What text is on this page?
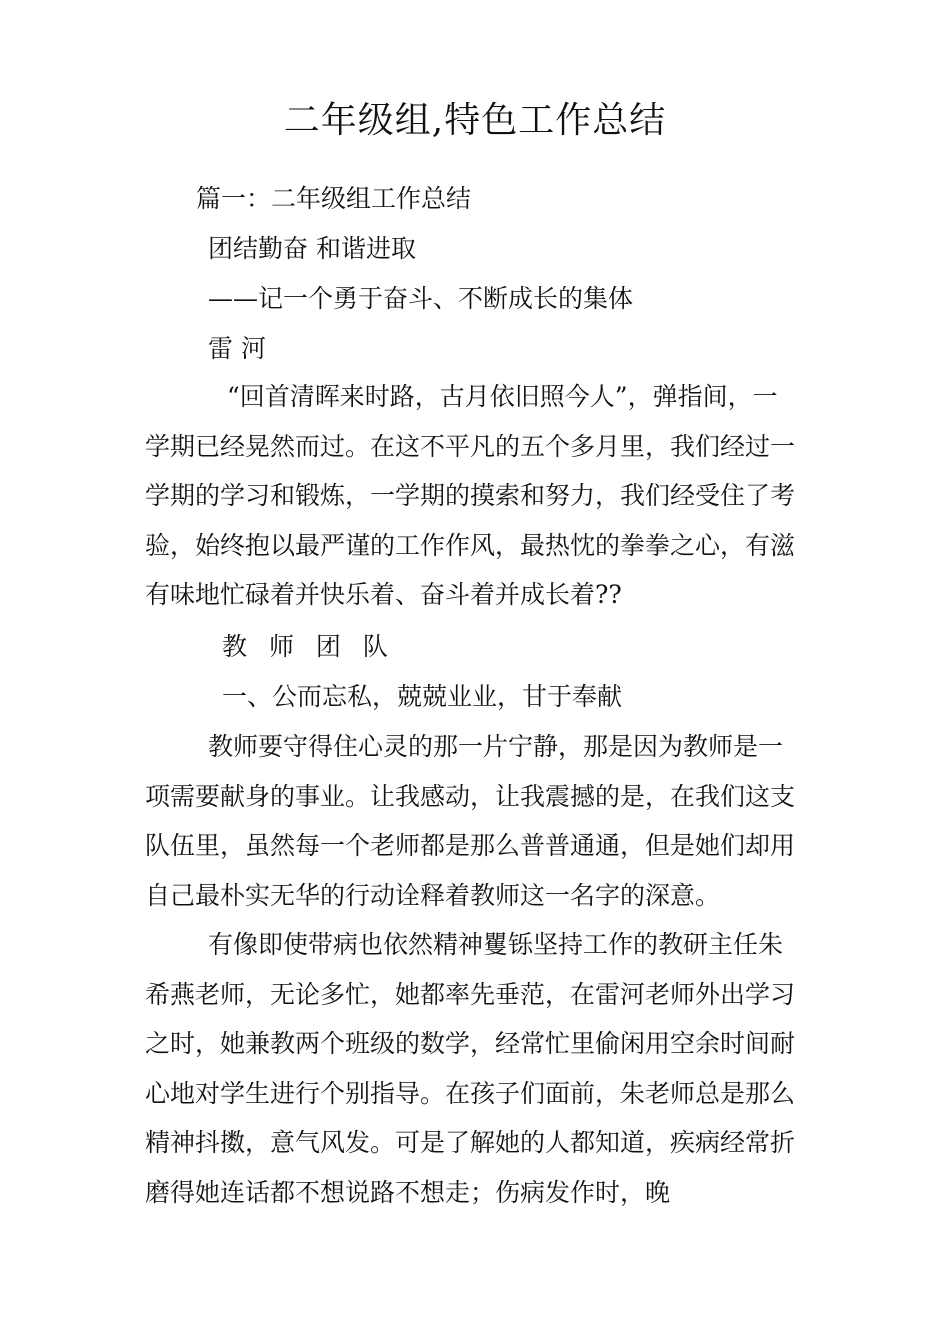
二年级组,特色工作总结
篇一：二年级组工作总结
团结勤奋 和谐进取
——记一个勇于奋斗、不断成长的集体
雷 河

“回首清晖来时路，古月依旧照今人”，弹指间，一

学期已经晃然而过。在这不平凡的五个多月里，我们经过一

学期的学习和锻炼，一学期的摸索和努力，我们经受住了考

验，始终抱以最严谨的工作作风，最热忱的拳拳之心，有滋

有味地忙碌着并快乐着、奋斗着并成长着??

教 师 团 队
一、公而忘私，兢兢业业，甘于奉献

教师要守得住心灵的那一片宁静，那是因为教师是一

项需要献身的事业。让我感动，让我震撼的是，在我们这支

队伍里，虽然每一个老师都是那么普普通通，但是她们却用

自己最朴实无华的行动诠释着教师这一名字的深意。

有像即使带病也依然精神矍铄坚持工作的教研主任朱

希燕老师，无论多忙，她都率先垂范，在雷河老师外出学习

之时，她兼教两个班级的数学，经常忙里偷闲用空余时间耐

心地对学生进行个别指导。在孩子们面前，朱老师总是那么

精神抖擞，意气风发。可是了解她的人都知道，疾病经常折

磨得她连话都不想说路不想走；伤病发作时，晚
